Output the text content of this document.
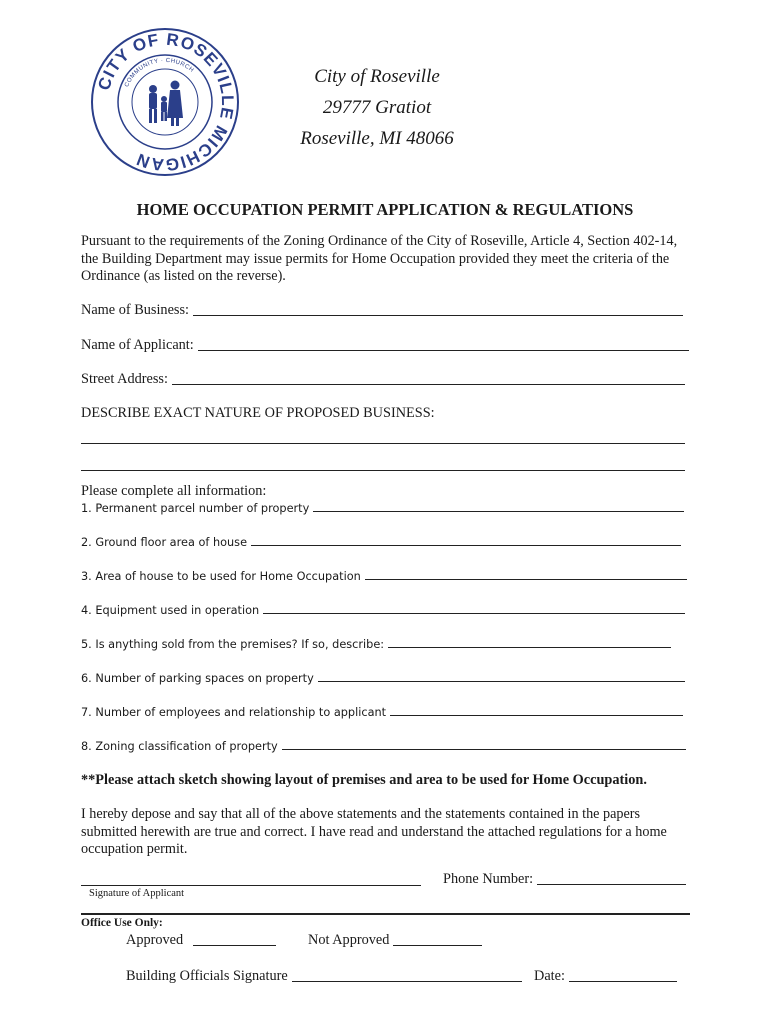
CITY OF ROSEVILLE MICHIGAN
COMMUNITY · CHURCH	City of Roseville
29777 Gratiot
Roseville, MI 48066
HOME OCCUPATION PERMIT APPLICATION & REGULATIONS
Pursuant to the requirements of the Zoning Ordinance of the City of Roseville, Article 4, Section 402-14, the Building Department may issue permits for Home Occupation provided they meet the criteria of the Ordinance (as listed on the reverse).
Name of Business:
Name of Applicant:
Street Address:
DESCRIBE EXACT NATURE OF PROPOSED BUSINESS:
Please complete all information:
1. Permanent parcel number of property
2. Ground floor area of house
3. Area of house to be used for Home Occupation
4. Equipment used in operation
5. Is anything sold from the premises? If so, describe:
6. Number of parking spaces on property
7. Number of employees and relationship to applicant
8. Zoning classification of property
**Please attach sketch showing layout of premises and area to be used for Home Occupation.
I hereby depose and say that all of the above statements and the statements contained in the papers submitted herewith are true and correct. I have read and understand the attached regulations for a home occupation permit.
Signature of Applicant
Phone Number:
Office Use Only:
Approved	Not Approved
Building Officials Signature	Date:
